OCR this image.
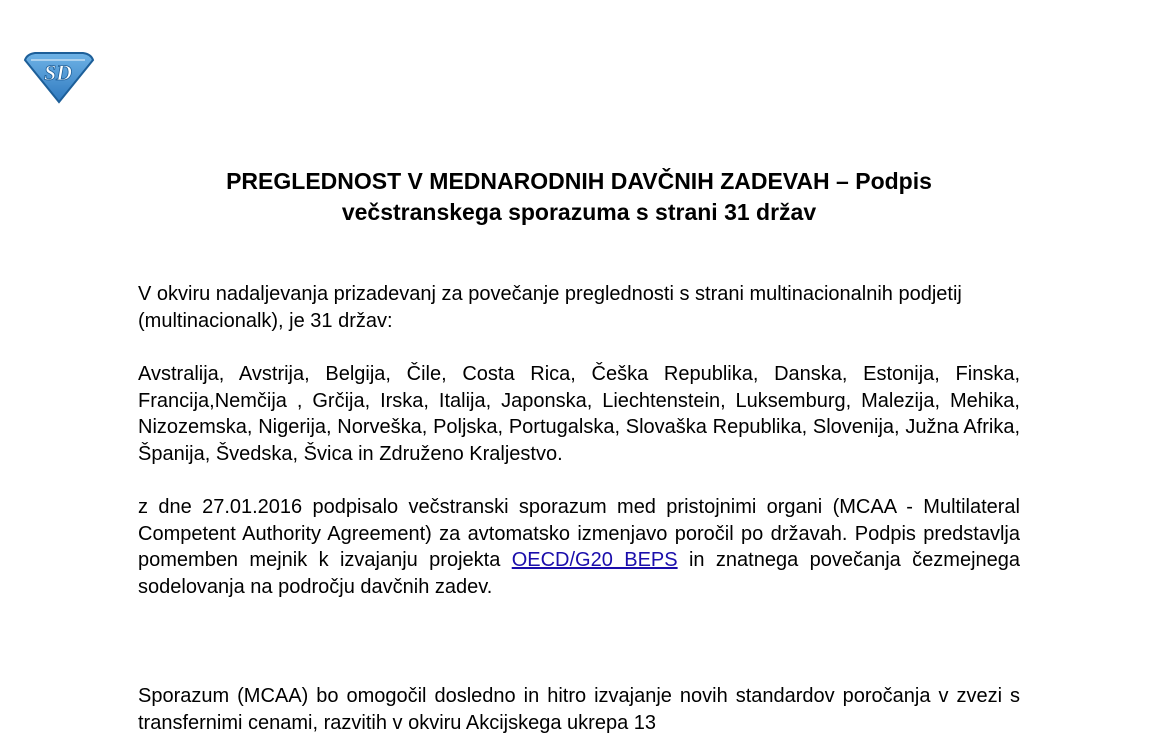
SD
PREGLEDNOST V MEDNARODNIH DAVČNIH ZADEVAH – Podpis
večstranskega sporazuma s strani 31 držav

V okviru nadaljevanja prizadevanj za povečanje preglednosti s strani multinacionalnih podjetij (multinacionalk), je 31 držav:

Avstralija, Avstrija, Belgija, Čile, Costa Rica, Češka Republika, Danska, Estonija, Finska, Francija,Nemčija , Grčija, Irska, Italija, Japonska, Liechtenstein, Luksemburg, Malezija, Mehika, Nizozemska, Nigerija, Norveška, Poljska, Portugalska, Slovaška Republika, Slovenija, Južna Afrika, Španija, Švedska, Švica in Združeno Kraljestvo.

z dne 27.01.2016 podpisalo večstranski sporazum med pristojnimi organi (MCAA - Multilateral Competent Authority Agreement) za avtomatsko izmenjavo poročil po državah. Podpis predstavlja pomemben mejnik k izvajanju projekta OECD/G20 BEPS in znatnega povečanja čezmejnega sodelovanja na področju davčnih zadev.

Sporazum (MCAA) bo omogočil dosledno in hitro izvajanje novih standardov poročanja v zvezi s transfernimi cenami, razvitih v okviru Akcijskega ukrepa 13
